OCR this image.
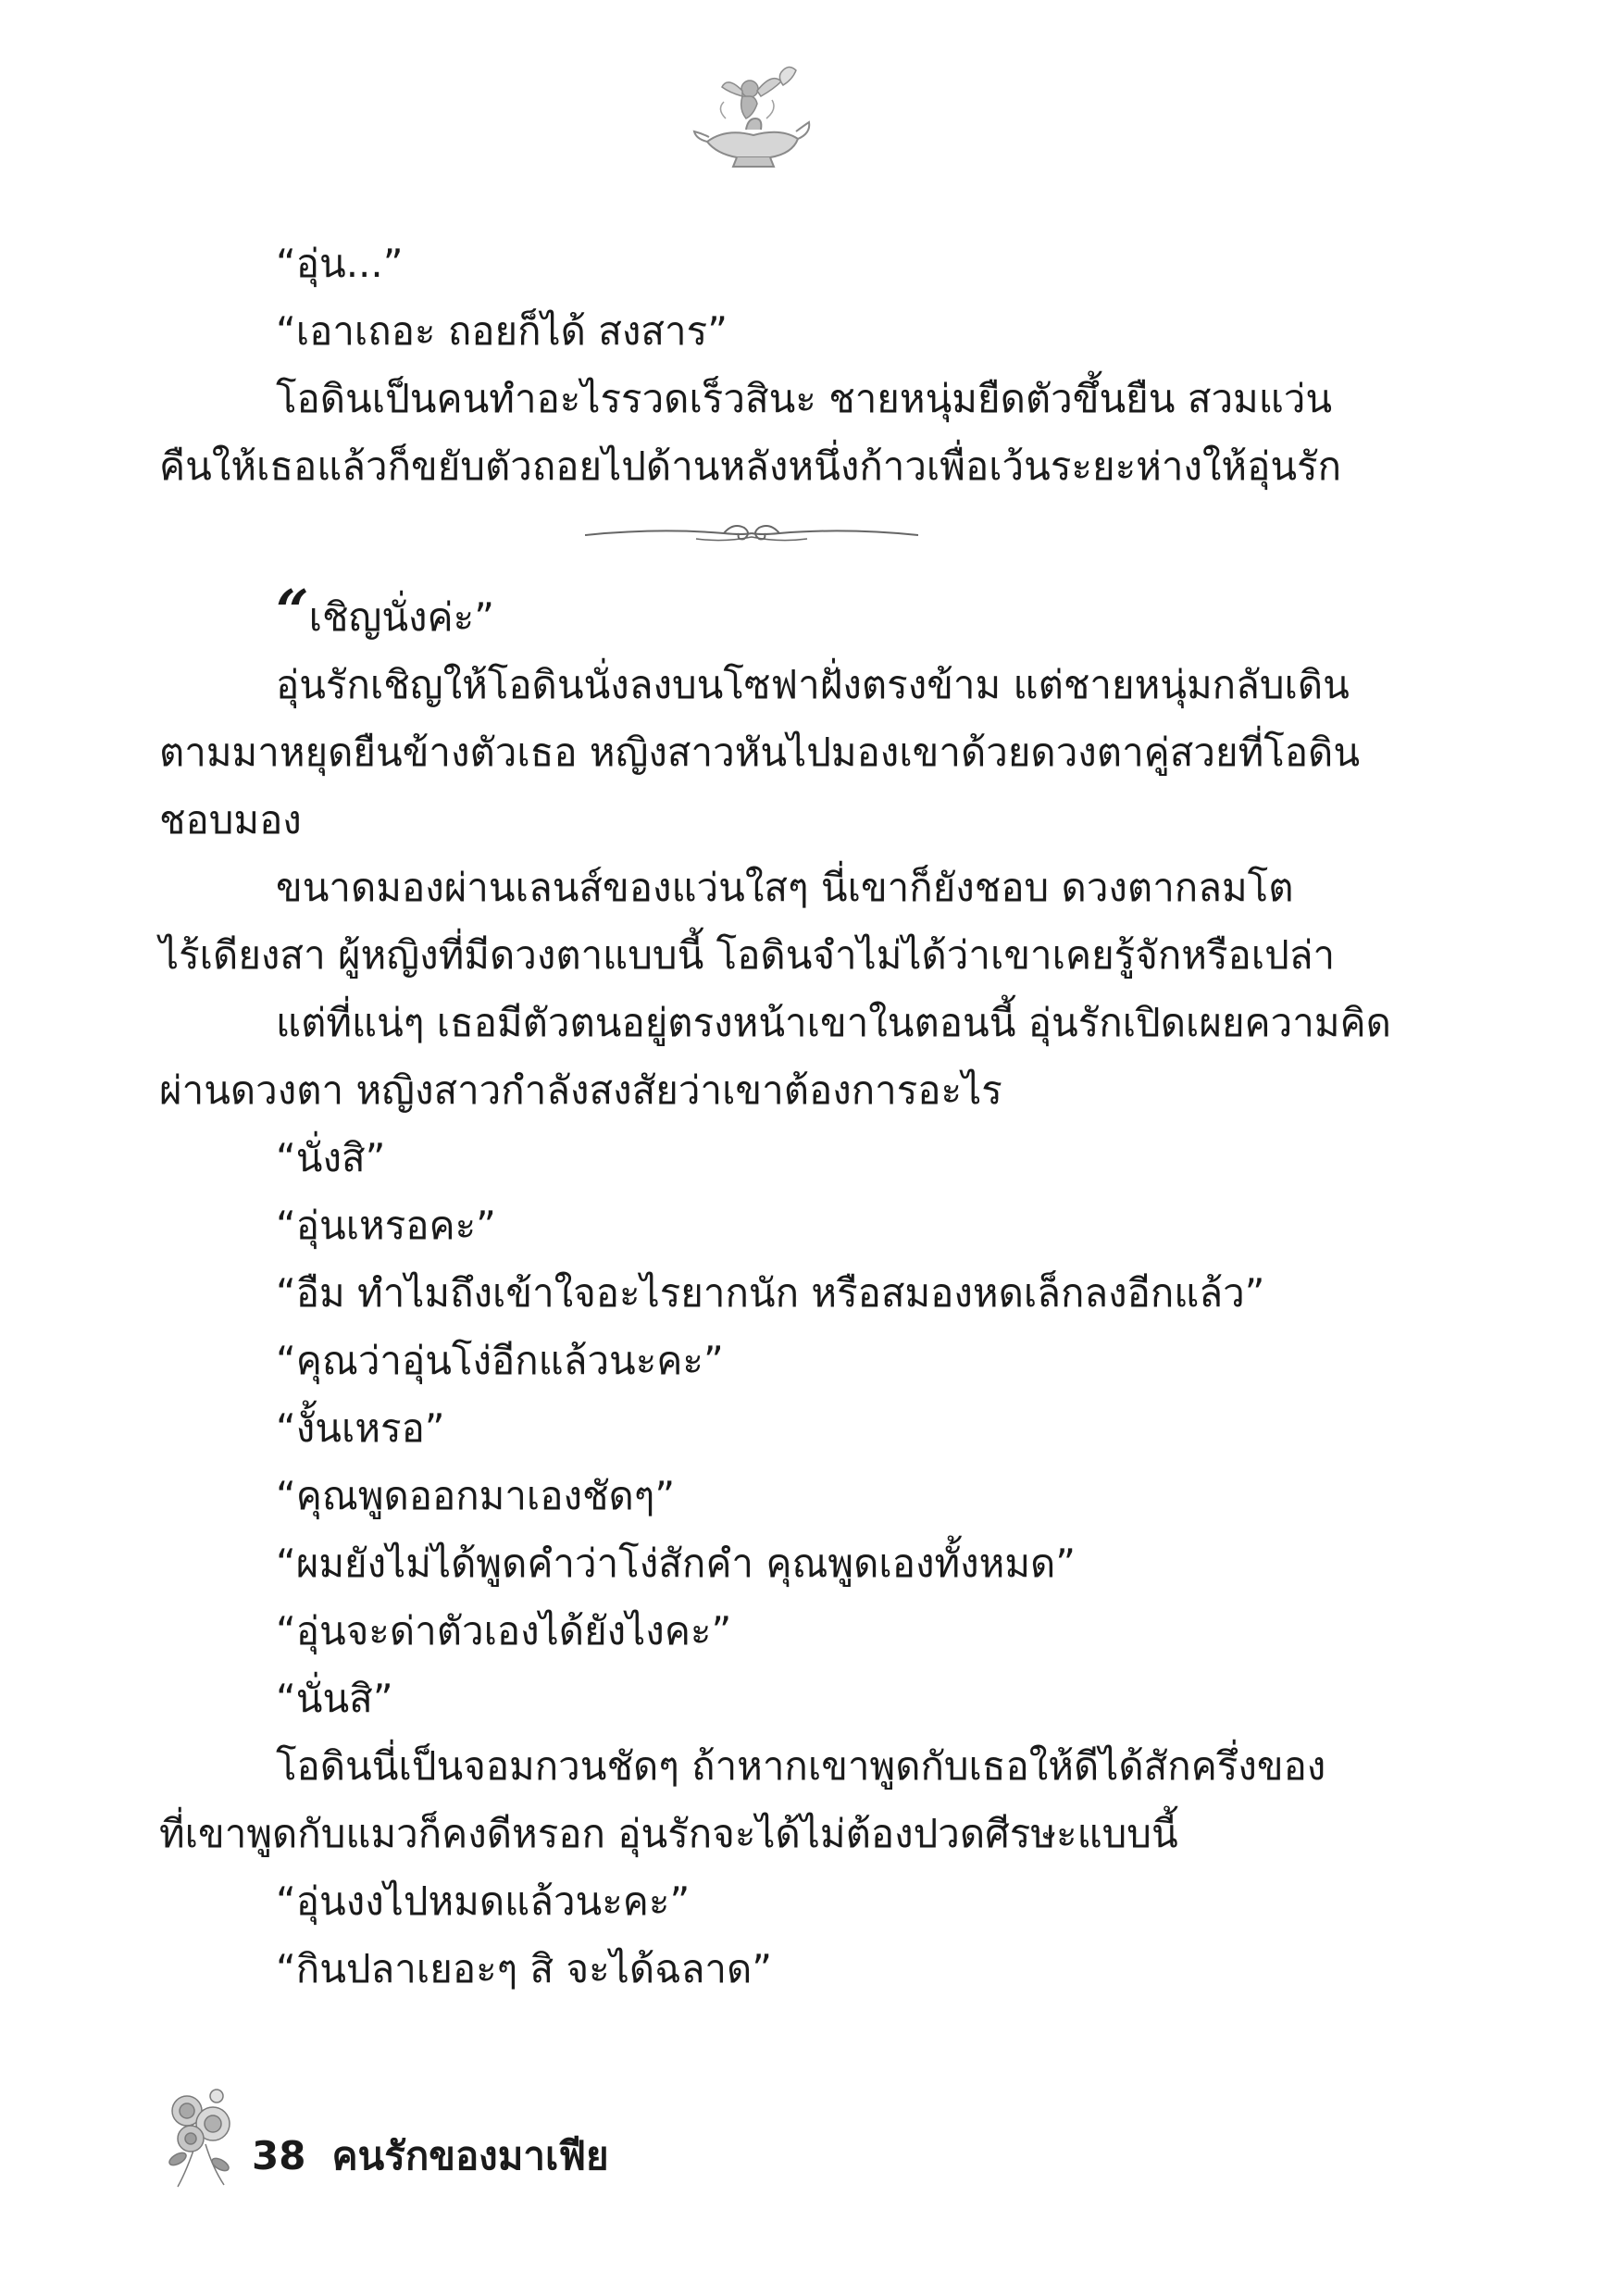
“อุ่น...”
“เอาเถอะ ถอยก็ได้ สงสาร”
โอดินเป็นคนทำอะไรรวดเร็วสินะ ชายหนุ่มยืดตัวขึ้นยืน สวมแว่น
คืนให้เธอแล้วก็ขยับตัวถอยไปด้านหลังหนึ่งก้าวเพื่อเว้นระยะห่างให้อุ่นรัก
“เชิญนั่งค่ะ”
อุ่นรักเชิญให้โอดินนั่งลงบนโซฟาฝั่งตรงข้าม แต่ชายหนุ่มกลับเดิน
ตามมาหยุดยืนข้างตัวเธอ หญิงสาวหันไปมองเขาด้วยดวงตาคู่สวยที่โอดิน
ชอบมอง
ขนาดมองผ่านเลนส์ของแว่นใสๆ นี่เขาก็ยังชอบ ดวงตากลมโต
ไร้เดียงสา ผู้หญิงที่มีดวงตาแบบนี้ โอดินจำไม่ได้ว่าเขาเคยรู้จักหรือเปล่า
แต่ที่แน่ๆ เธอมีตัวตนอยู่ตรงหน้าเขาในตอนนี้ อุ่นรักเปิดเผยความคิด
ผ่านดวงตา หญิงสาวกำลังสงสัยว่าเขาต้องการอะไร
“นั่งสิ”
“อุ่นเหรอคะ”
“อืม ทำไมถึงเข้าใจอะไรยากนัก หรือสมองหดเล็กลงอีกแล้ว”
“คุณว่าอุ่นโง่อีกแล้วนะคะ”
“งั้นเหรอ”
“คุณพูดออกมาเองชัดๆ”
“ผมยังไม่ได้พูดคำว่าโง่สักคำ คุณพูดเองทั้งหมด”
“อุ่นจะด่าตัวเองได้ยังไงคะ”
“นั่นสิ”
โอดินนี่เป็นจอมกวนชัดๆ ถ้าหากเขาพูดกับเธอให้ดีได้สักครึ่งของ
ที่เขาพูดกับแมวก็คงดีหรอก อุ่นรักจะได้ไม่ต้องปวดศีรษะแบบนี้
“อุ่นงงไปหมดแล้วนะคะ”
“กินปลาเยอะๆ สิ จะได้ฉลาด”
38 คนรักของมาเฟีย
